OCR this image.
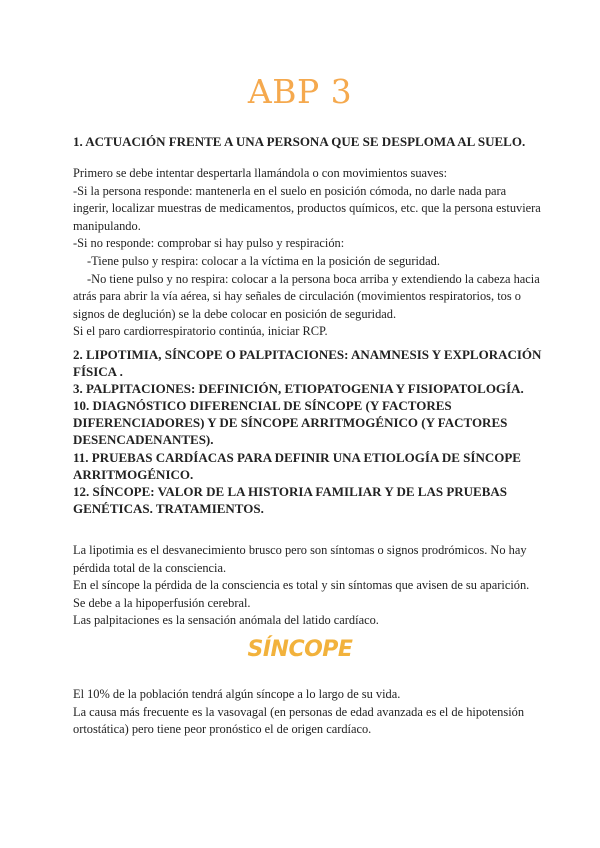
ABP 3
1. ACTUACIÓN FRENTE A UNA PERSONA QUE SE DESPLOMA AL SUELO.

Primero se debe intentar despertarla llamándola o con movimientos suaves:

-Si la persona responde: mantenerla en el suelo en posición cómoda, no darle nada para ingerir, localizar muestras de medicamentos, productos químicos, etc. que la persona estuviera manipulando.

-Si no responde: comprobar si hay pulso y respiración:

-Tiene pulso y respira: colocar a la víctima en la posición de seguridad.

-No tiene pulso y no respira: colocar a la persona boca arriba y extendiendo la cabeza hacia atrás para abrir la vía aérea, si hay señales de circulación (movimientos respiratorios, tos o signos de deglución) se la debe colocar en posición de seguridad.

Si el paro cardiorrespiratorio continúa, iniciar RCP.

2. LIPOTIMIA, SÍNCOPE O PALPITACIONES: ANAMNESIS Y EXPLORACIÓN FÍSICA .

3. PALPITACIONES: DEFINICIÓN, ETIOPATOGENIA Y FISIOPATOLOGÍA.

10. DIAGNÓSTICO DIFERENCIAL DE SÍNCOPE (Y FACTORES DIFERENCIADORES) Y DE SÍNCOPE ARRITMOGÉNICO (Y FACTORES DESENCADENANTES).

11. PRUEBAS CARDÍACAS PARA DEFINIR UNA ETIOLOGÍA DE SÍNCOPE ARRITMOGÉNICO.

12. SÍNCOPE: VALOR DE LA HISTORIA FAMILIAR Y DE LAS PRUEBAS GENÉTICAS. TRATAMIENTOS.

La lipotimia es el desvanecimiento brusco pero son síntomas o signos prodrómicos. No hay pérdida total de la consciencia.

En el síncope la pérdida de la consciencia es total y sin síntomas que avisen de su aparición. Se debe a la hipoperfusión cerebral.

Las palpitaciones es la sensación anómala del latido cardíaco.

SÍNCOPE

El 10% de la población tendrá algún síncope a lo largo de su vida.

La causa más frecuente es la vasovagal (en personas de edad avanzada es el de hipotensión ortostática) pero tiene peor pronóstico el de origen cardíaco.
